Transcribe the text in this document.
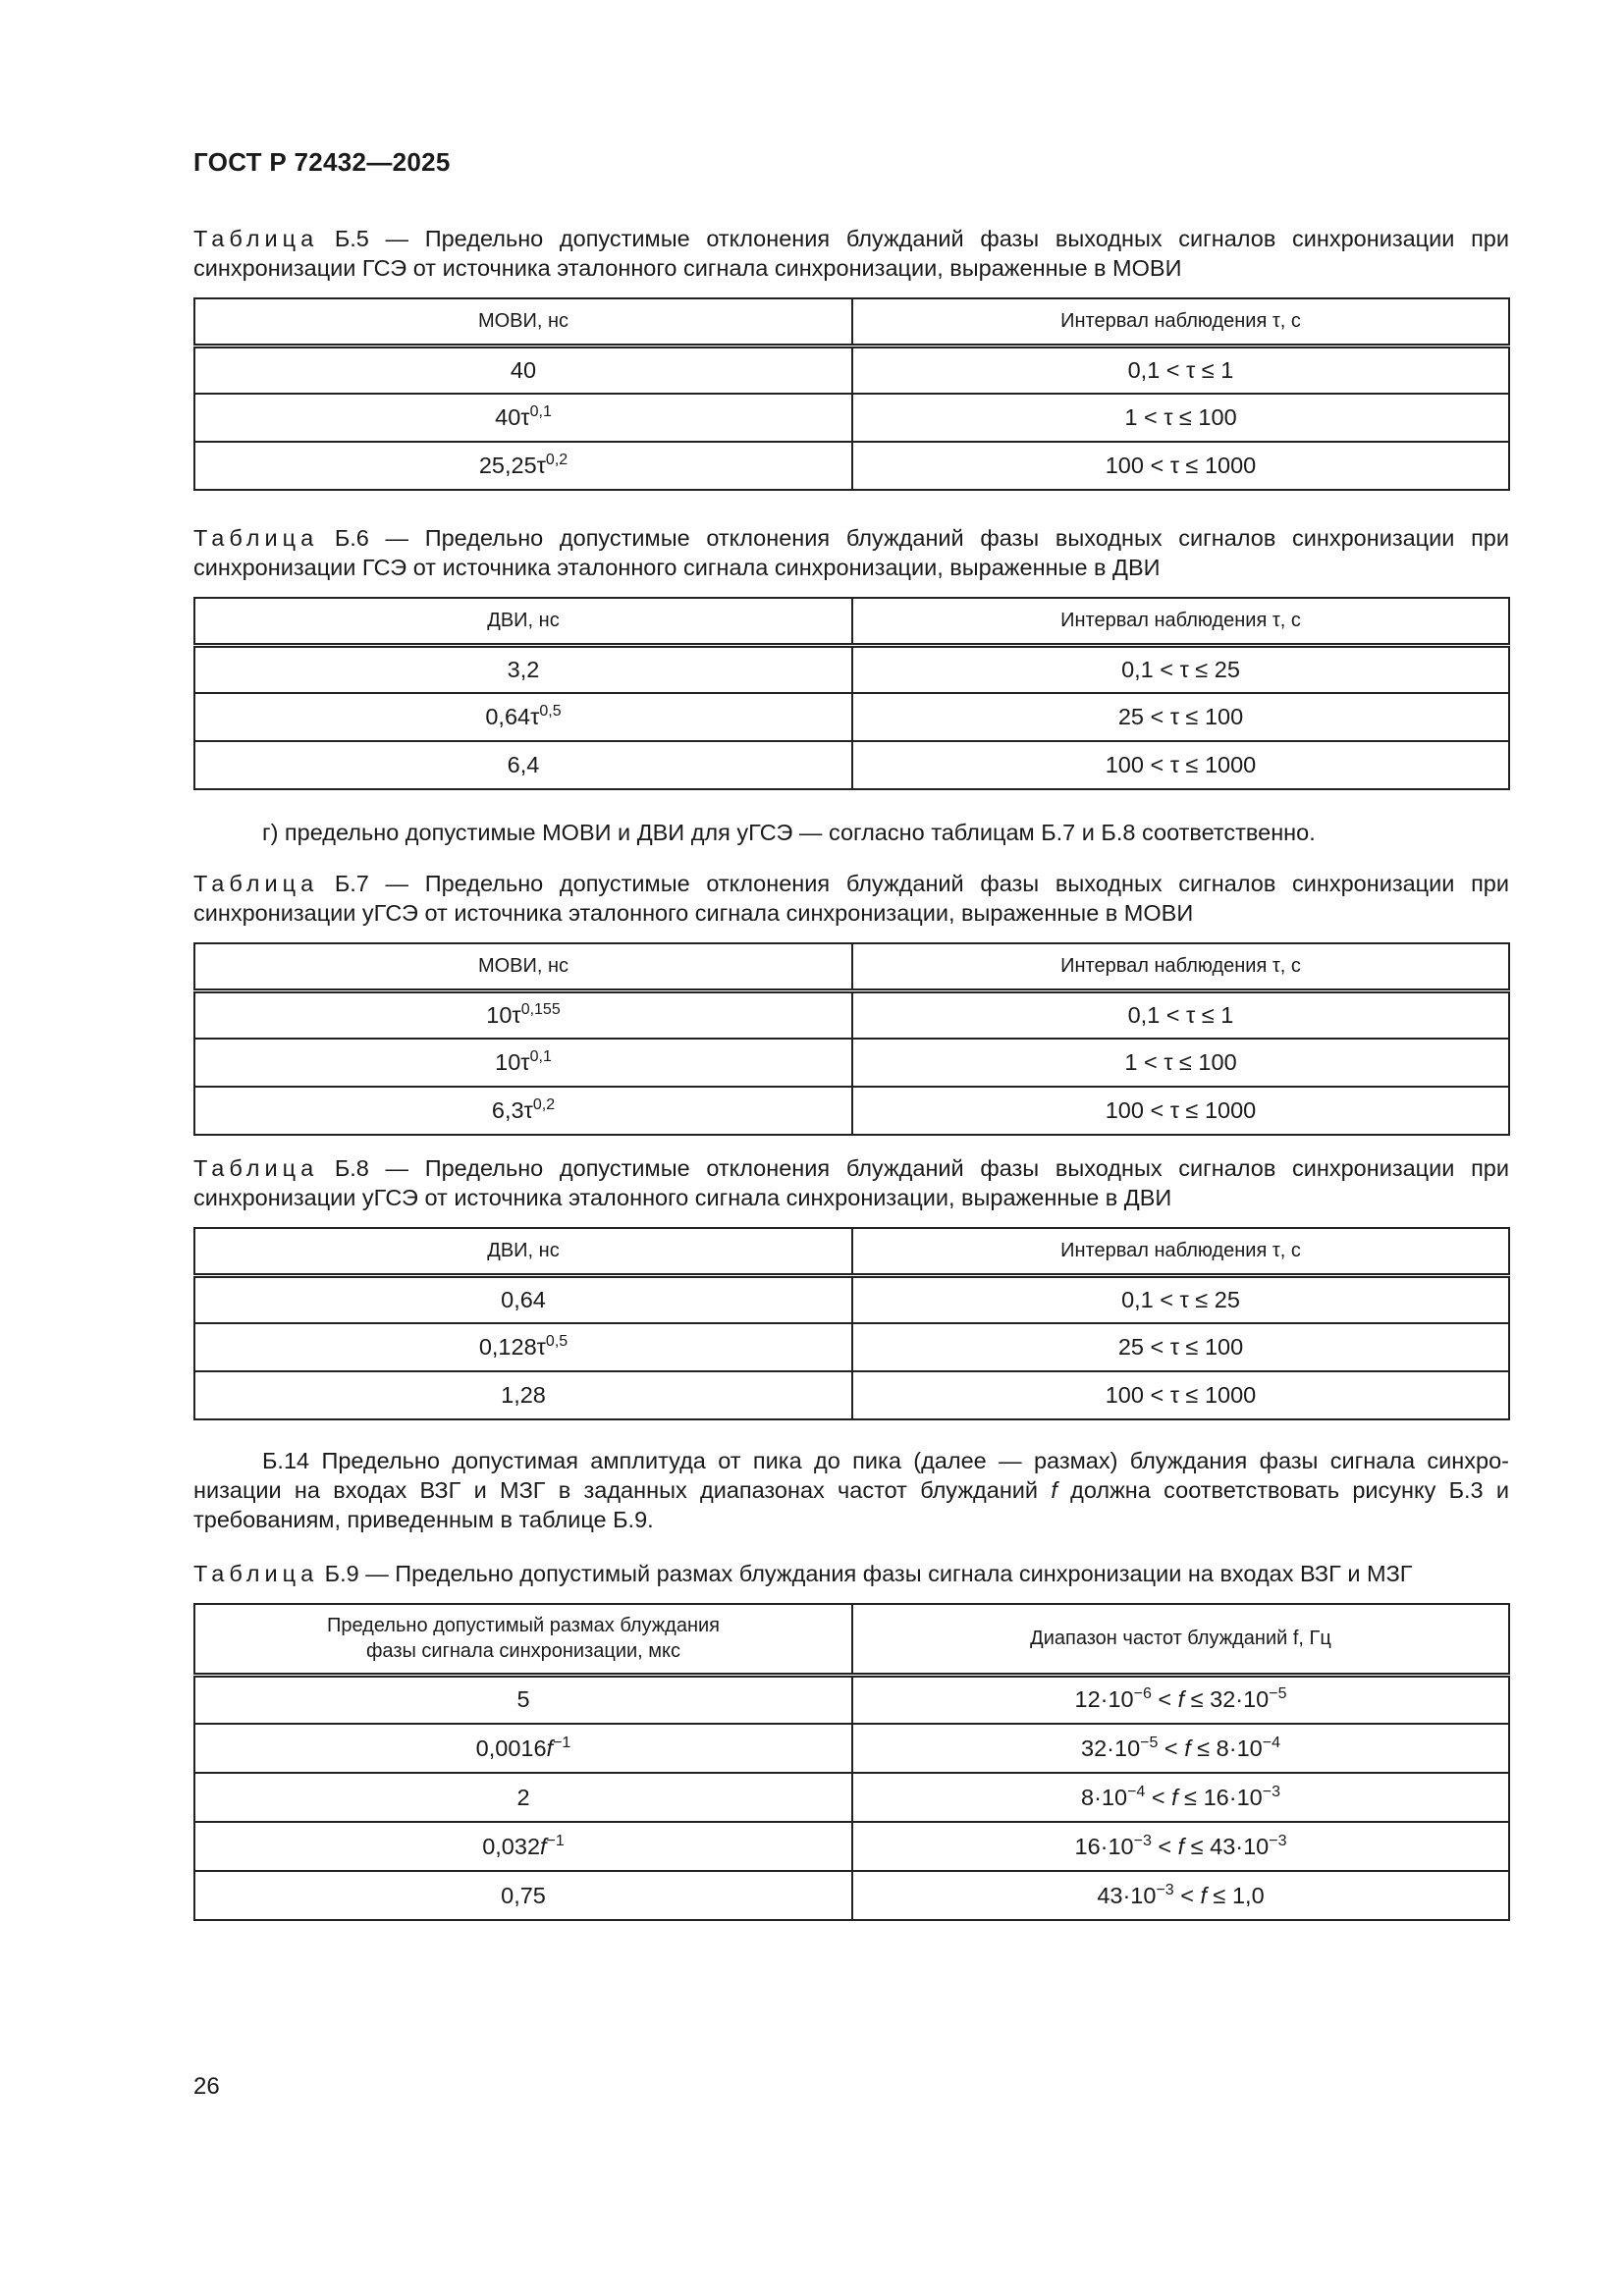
ГОСТ Р 72432—2025
Таблица Б.5 — Предельно допустимые отклонения блужданий фазы выходных сигналов синхронизации при синхронизации ГСЭ от источника эталонного сигнала синхронизации, выраженные в МОВИ
МОВИ, нс	Интервал наблюдения τ, с
40	0,1 < τ ≤ 1
$40\tau^{0,1}$	1 < τ ≤ 100
$25,25\tau^{0,2}$	100 < τ ≤ 1000
Таблица Б.6 — Предельно допустимые отклонения блужданий фазы выходных сигналов синхронизации при синхронизации ГСЭ от источника эталонного сигнала синхронизации, выраженные в ДВИ
ДВИ, нс	Интервал наблюдения τ, с
3,2	0,1 < τ ≤ 25
$0,64\tau^{0,5}$	25 < τ ≤ 100
6,4	100 < τ ≤ 1000
г) предельно допустимые МОВИ и ДВИ для уГСЭ — согласно таблицам Б.7 и Б.8 соответственно.
Таблица Б.7 — Предельно допустимые отклонения блужданий фазы выходных сигналов синхронизации при синхронизации уГСЭ от источника эталонного сигнала синхронизации, выраженные в МОВИ
МОВИ, нс	Интервал наблюдения τ, с
$10\tau^{0,155}$	0,1 < τ ≤ 1
$10\tau^{0,1}$	1 < τ ≤ 100
$6,3\tau^{0,2}$	100 < τ ≤ 1000
Таблица Б.8 — Предельно допустимые отклонения блужданий фазы выходных сигналов синхронизации при синхронизации уГСЭ от источника эталонного сигнала синхронизации, выраженные в ДВИ
ДВИ, нс	Интервал наблюдения τ, с
0,64	0,1 < τ ≤ 25
$0,128\tau^{0,5}$	25 < τ ≤ 100
1,28	100 < τ ≤ 1000
Б.14 Предельно допустимая амплитуда от пика до пика (далее — размах) блуждания фазы сигнала синхронизации на входах ВЗГ и МЗГ в заданных диапазонах частот блужданий f должна соответствовать рисунку Б.3 и требованиям, приведенным в таблице Б.9.
Таблица Б.9 — Предельно допустимый размах блуждания фазы сигнала синхронизации на входах ВЗГ и МЗГ
Предельно допустимый размах блуждания
фазы сигнала синхронизации, мкс	Диапазон частот блужданий f, Гц
5	$12\cdot 10^{-6} < f \le 32\cdot 10^{-5}$
$0,0016f^{-1}$	$32\cdot 10^{-5} < f \le 8\cdot 10^{-4}$
2	$8\cdot 10^{-4} < f \le 16\cdot 10^{-3}$
$0,032f^{-1}$	$16\cdot 10^{-3} < f \le 43\cdot 10^{-3}$
0,75	$43\cdot 10^{-3} < f \le 1,0$
26
